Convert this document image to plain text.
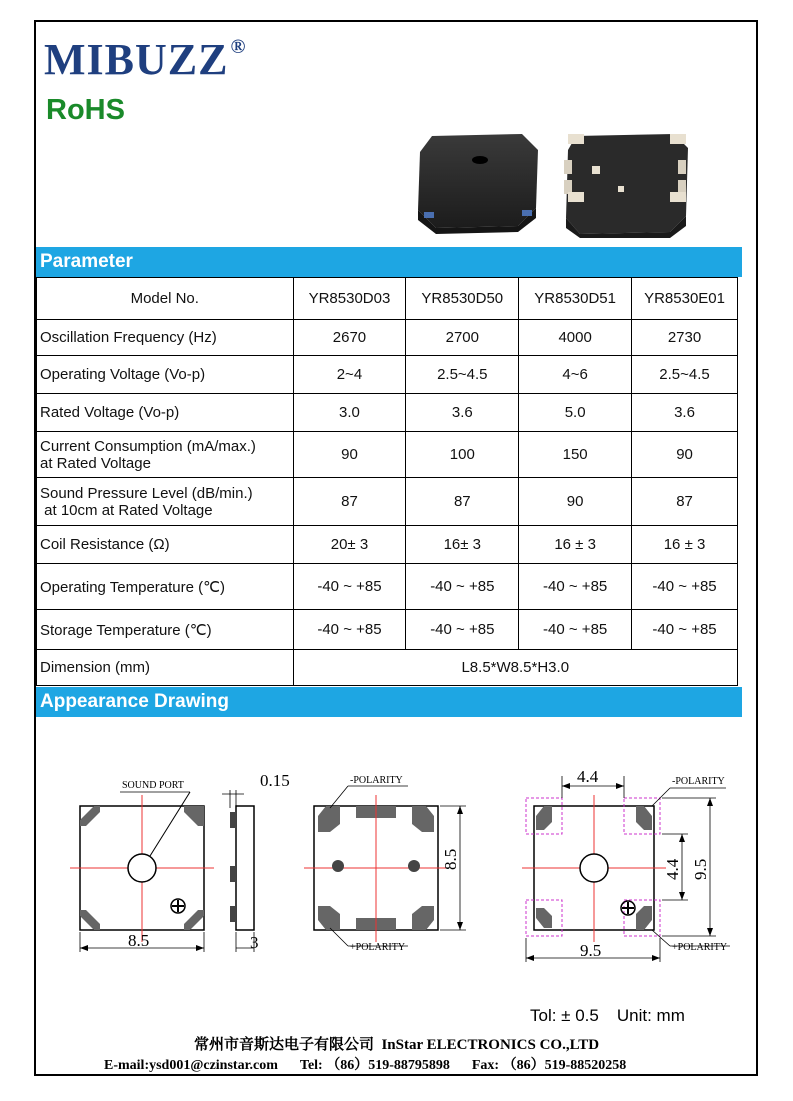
MIBUZZ ®
RoHS
Parameter
Model No.	YR8530D03	YR8530D50	YR8530D51	YR8530E01
Oscillation Frequency (Hz)	2670	2700	4000	2730
Operating Voltage (Vo-p)	2~4	2.5~4.5	4~6	2.5~4.5
Rated Voltage (Vo-p)	3.0	3.6	5.0	3.6

Current Consumption (mA/max.)
at Rated Voltage	90	100	150	90

Sound Pressure Level (dB/min.)
at 10cm at Rated Voltage	87	87	90	87
Coil Resistance (Ω)	20± 3	16± 3	16 ± 3	16 ± 3
Operating Temperature (℃)	-40 ~ +85	-40 ~ +85	-40 ~ +85	-40 ~ +85
Storage Temperature (℃)	-40 ~ +85	-40 ~ +85	-40 ~ +85	-40 ~ +85
Dimension (mm)	L8.5*W8.5*H3.0			
Appearance Drawing
SOUND PORT
8.5
0.15
3
-POLARITY
+POLARITY
8.5
4.4	-POLARITY
+POLARITY
4.4 9.5
9.5
Tol: ± 0.5 Unit: mm
常州市音斯达电子有限公司 InStar ELECTRONICS CO.,LTD
E-mail:ysd001@czinstar.com Tel: （86）519-88795898 Fax: （86）519-88520258
